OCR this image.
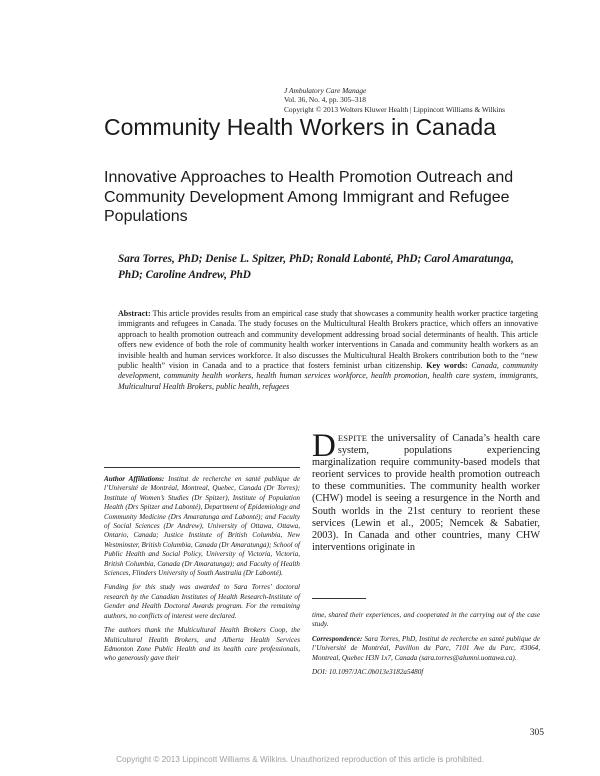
J Ambulatory Care Manage
Vol. 36, No. 4, pp. 305–318
Copyright © 2013 Wolters Kluwer Health | Lippincott Williams & Wilkins
Community Health Workers in Canada
Innovative Approaches to Health Promotion Outreach and Community Development Among Immigrant and Refugee Populations
Sara Torres, PhD; Denise L. Spitzer, PhD; Ronald Labonté, PhD; Carol Amaratunga, PhD; Caroline Andrew, PhD
Abstract: This article provides results from an empirical case study that showcases a community health worker practice targeting immigrants and refugees in Canada. The study focuses on the Multicultural Health Brokers practice, which offers an innovative approach to health promotion outreach and community development addressing broad social determinants of health. This article offers new evidence of both the role of community health worker interventions in Canada and community health workers as an invisible health and human services workforce. It also discusses the Multicultural Health Brokers contribution both to the “new public health” vision in Canada and to a practice that fosters feminist urban citizenship. Key words: Canada, community development, community health workers, health human services workforce, health promotion, health care system, immigrants, Multicultural Health Brokers, public health, refugees

Author Affiliations: Institut de recherche en santé publique de l’Université de Montréal, Montreal, Quebec, Canada (Dr Torres); Institute of Women’s Studies (Dr Spitzer), Institute of Population Health (Drs Spitzer and Labonté), Department of Epidemiology and Community Medicine (Drs Amaratunga and Labonté); and Faculty of Social Sciences (Dr Andrew), University of Ottawa, Ottawa, Ontario, Canada; Justice Institute of British Columbia, New Westminster, British Columbia, Canada (Dr Amaratunga); School of Public Health and Social Policy, University of Victoria, Victoria, British Columbia, Canada (Dr Amaratunga); and Faculty of Health Sciences, Flinders University of South Australia (Dr Labonté).

Funding for this study was awarded to Sara Torres’ doctoral research by the Canadian Institutes of Health Research-Institute of Gender and Health Doctoral Awards program. For the remaining authors, no conflicts of interest were declared.

The authors thank the Multicultural Health Brokers Coop, the Multicultural Health Brokers, and Alberta Health Services Edmonton Zone Public Health and its health care professionals, who generously gave their

DESPITE the universality of Canada’s health care system, populations experiencing marginalization require community-based models that reorient services to provide health promotion outreach to these communities. The community health worker (CHW) model is seeing a resurgence in the North and South worlds in the 21st century to reorient these services (Lewin et al., 2005; Nemcek & Sabatier, 2003). In Canada and other countries, many CHW interventions originate in

time, shared their experiences, and cooperated in the carrying out of the case study.

Correspondence: Sara Torres, PhD, Institut de recherche en santé publique de l’Université de Montréal, Pavillon du Parc, 7101 Ave du Parc, #3064, Montreal, Quebec H3N 1x7, Canada (sara.torres@alumni.uottawa.ca).

DOI: 10.1097/JAC.0b013e3182a5480f

305
Copyright © 2013 Lippincott Williams & Wilkins. Unauthorized reproduction of this article is prohibited.
